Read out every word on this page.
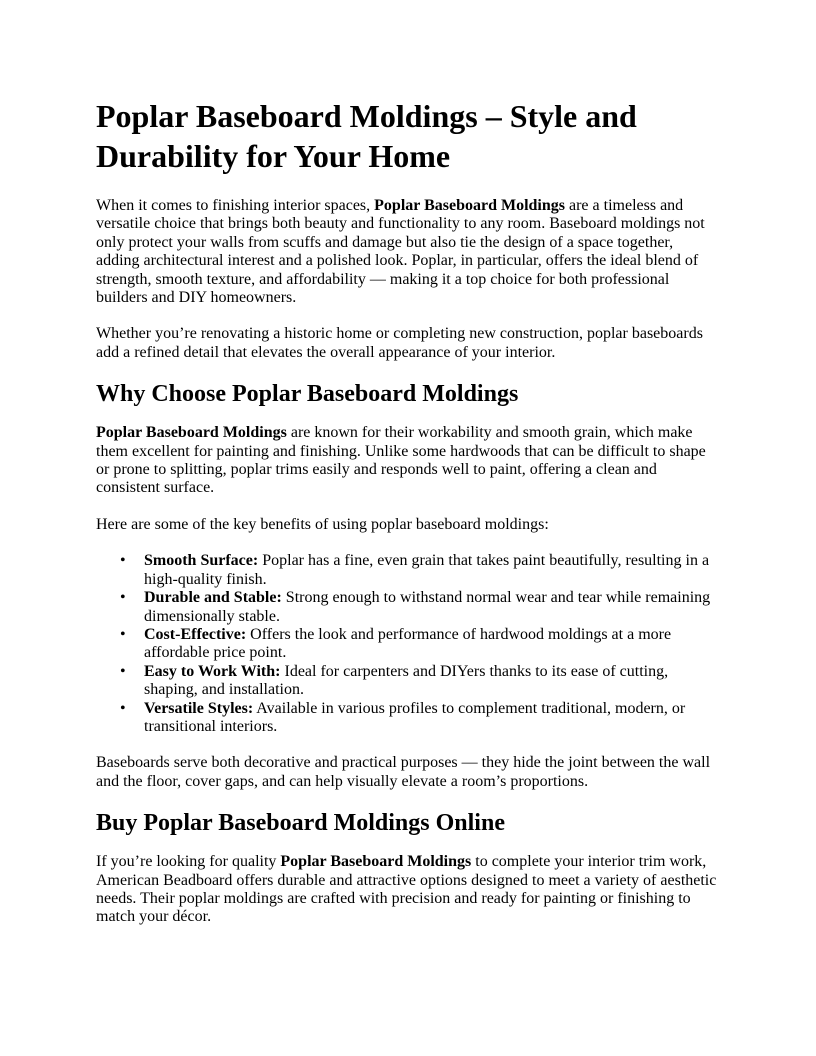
Poplar Baseboard Moldings – Style and Durability for Your Home

When it comes to finishing interior spaces, Poplar Baseboard Moldings are a timeless and versatile choice that brings both beauty and functionality to any room. Baseboard moldings not only protect your walls from scuffs and damage but also tie the design of a space together, adding architectural interest and a polished look. Poplar, in particular, offers the ideal blend of strength, smooth texture, and affordability — making it a top choice for both professional builders and DIY homeowners.

Whether you’re renovating a historic home or completing new construction, poplar baseboards add a refined detail that elevates the overall appearance of your interior.

Why Choose Poplar Baseboard Moldings

Poplar Baseboard Moldings are known for their workability and smooth grain, which make them excellent for painting and finishing. Unlike some hardwoods that can be difficult to shape or prone to splitting, poplar trims easily and responds well to paint, offering a clean and consistent surface.

Here are some of the key benefits of using poplar baseboard moldings:

• Smooth Surface: Poplar has a fine, even grain that takes paint beautifully, resulting in a high-quality finish.
• Durable and Stable: Strong enough to withstand normal wear and tear while remaining dimensionally stable.
• Cost-Effective: Offers the look and performance of hardwood moldings at a more affordable price point.
• Easy to Work With: Ideal for carpenters and DIYers thanks to its ease of cutting, shaping, and installation.
• Versatile Styles: Available in various profiles to complement traditional, modern, or transitional interiors.

Baseboards serve both decorative and practical purposes — they hide the joint between the wall and the floor, cover gaps, and can help visually elevate a room’s proportions.

Buy Poplar Baseboard Moldings Online

If you’re looking for quality Poplar Baseboard Moldings to complete your interior trim work, American Beadboard offers durable and attractive options designed to meet a variety of aesthetic needs. Their poplar moldings are crafted with precision and ready for painting or finishing to match your décor.
